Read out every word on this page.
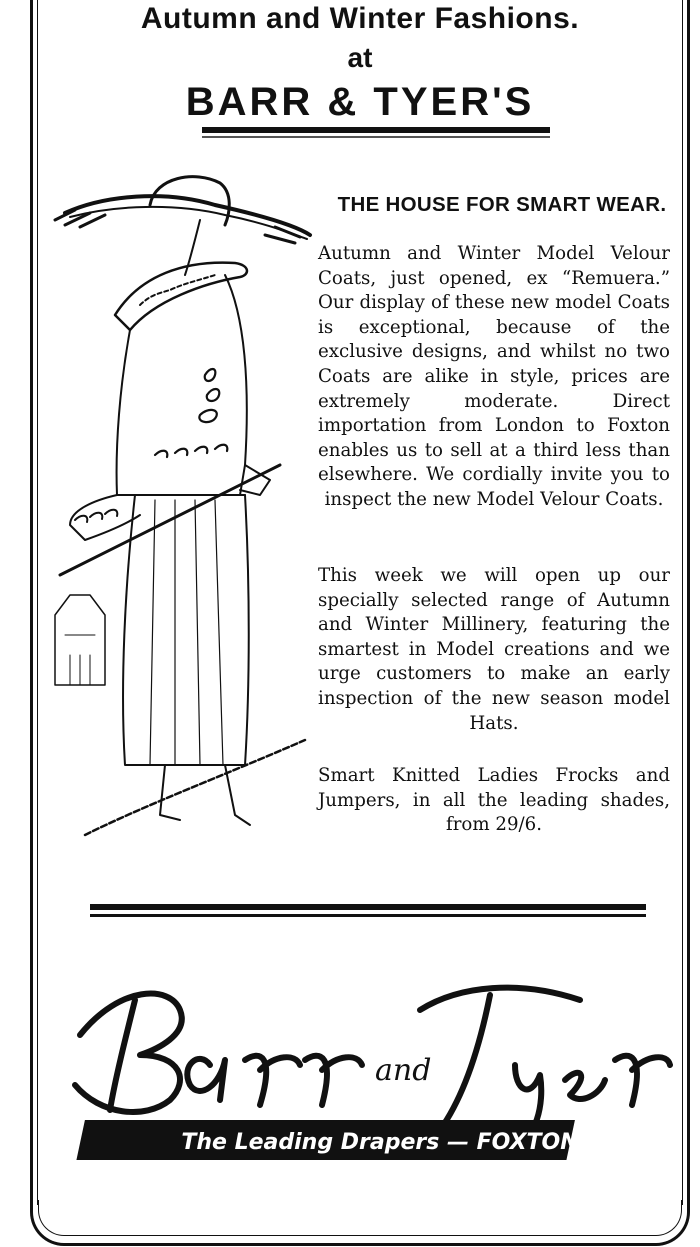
Autumn and Winter Fashions.
at
BARR & TYER'S
THE HOUSE FOR SMART WEAR.
Autumn and Winter Model Velour Coats, just opened, ex “Remuera.” Our display of these new model Coats is exceptional, because of the exclusive designs, and whilst no two Coats are alike in style, prices are extremely moderate. Direct importation from London to Foxton enables us to sell at a third less than elsewhere. We cordially invite you to inspect the new Model Velour Coats.
This week we will open up our specially selected range of Autumn and Winter Millinery, featuring the smartest in Model creations and we urge customers to make an early inspection of the new season model Hats.
Smart Knitted Ladies Frocks and Jumpers, in all the leading shades, from 29/6.
and
The Leading Drapers — FOXTON
